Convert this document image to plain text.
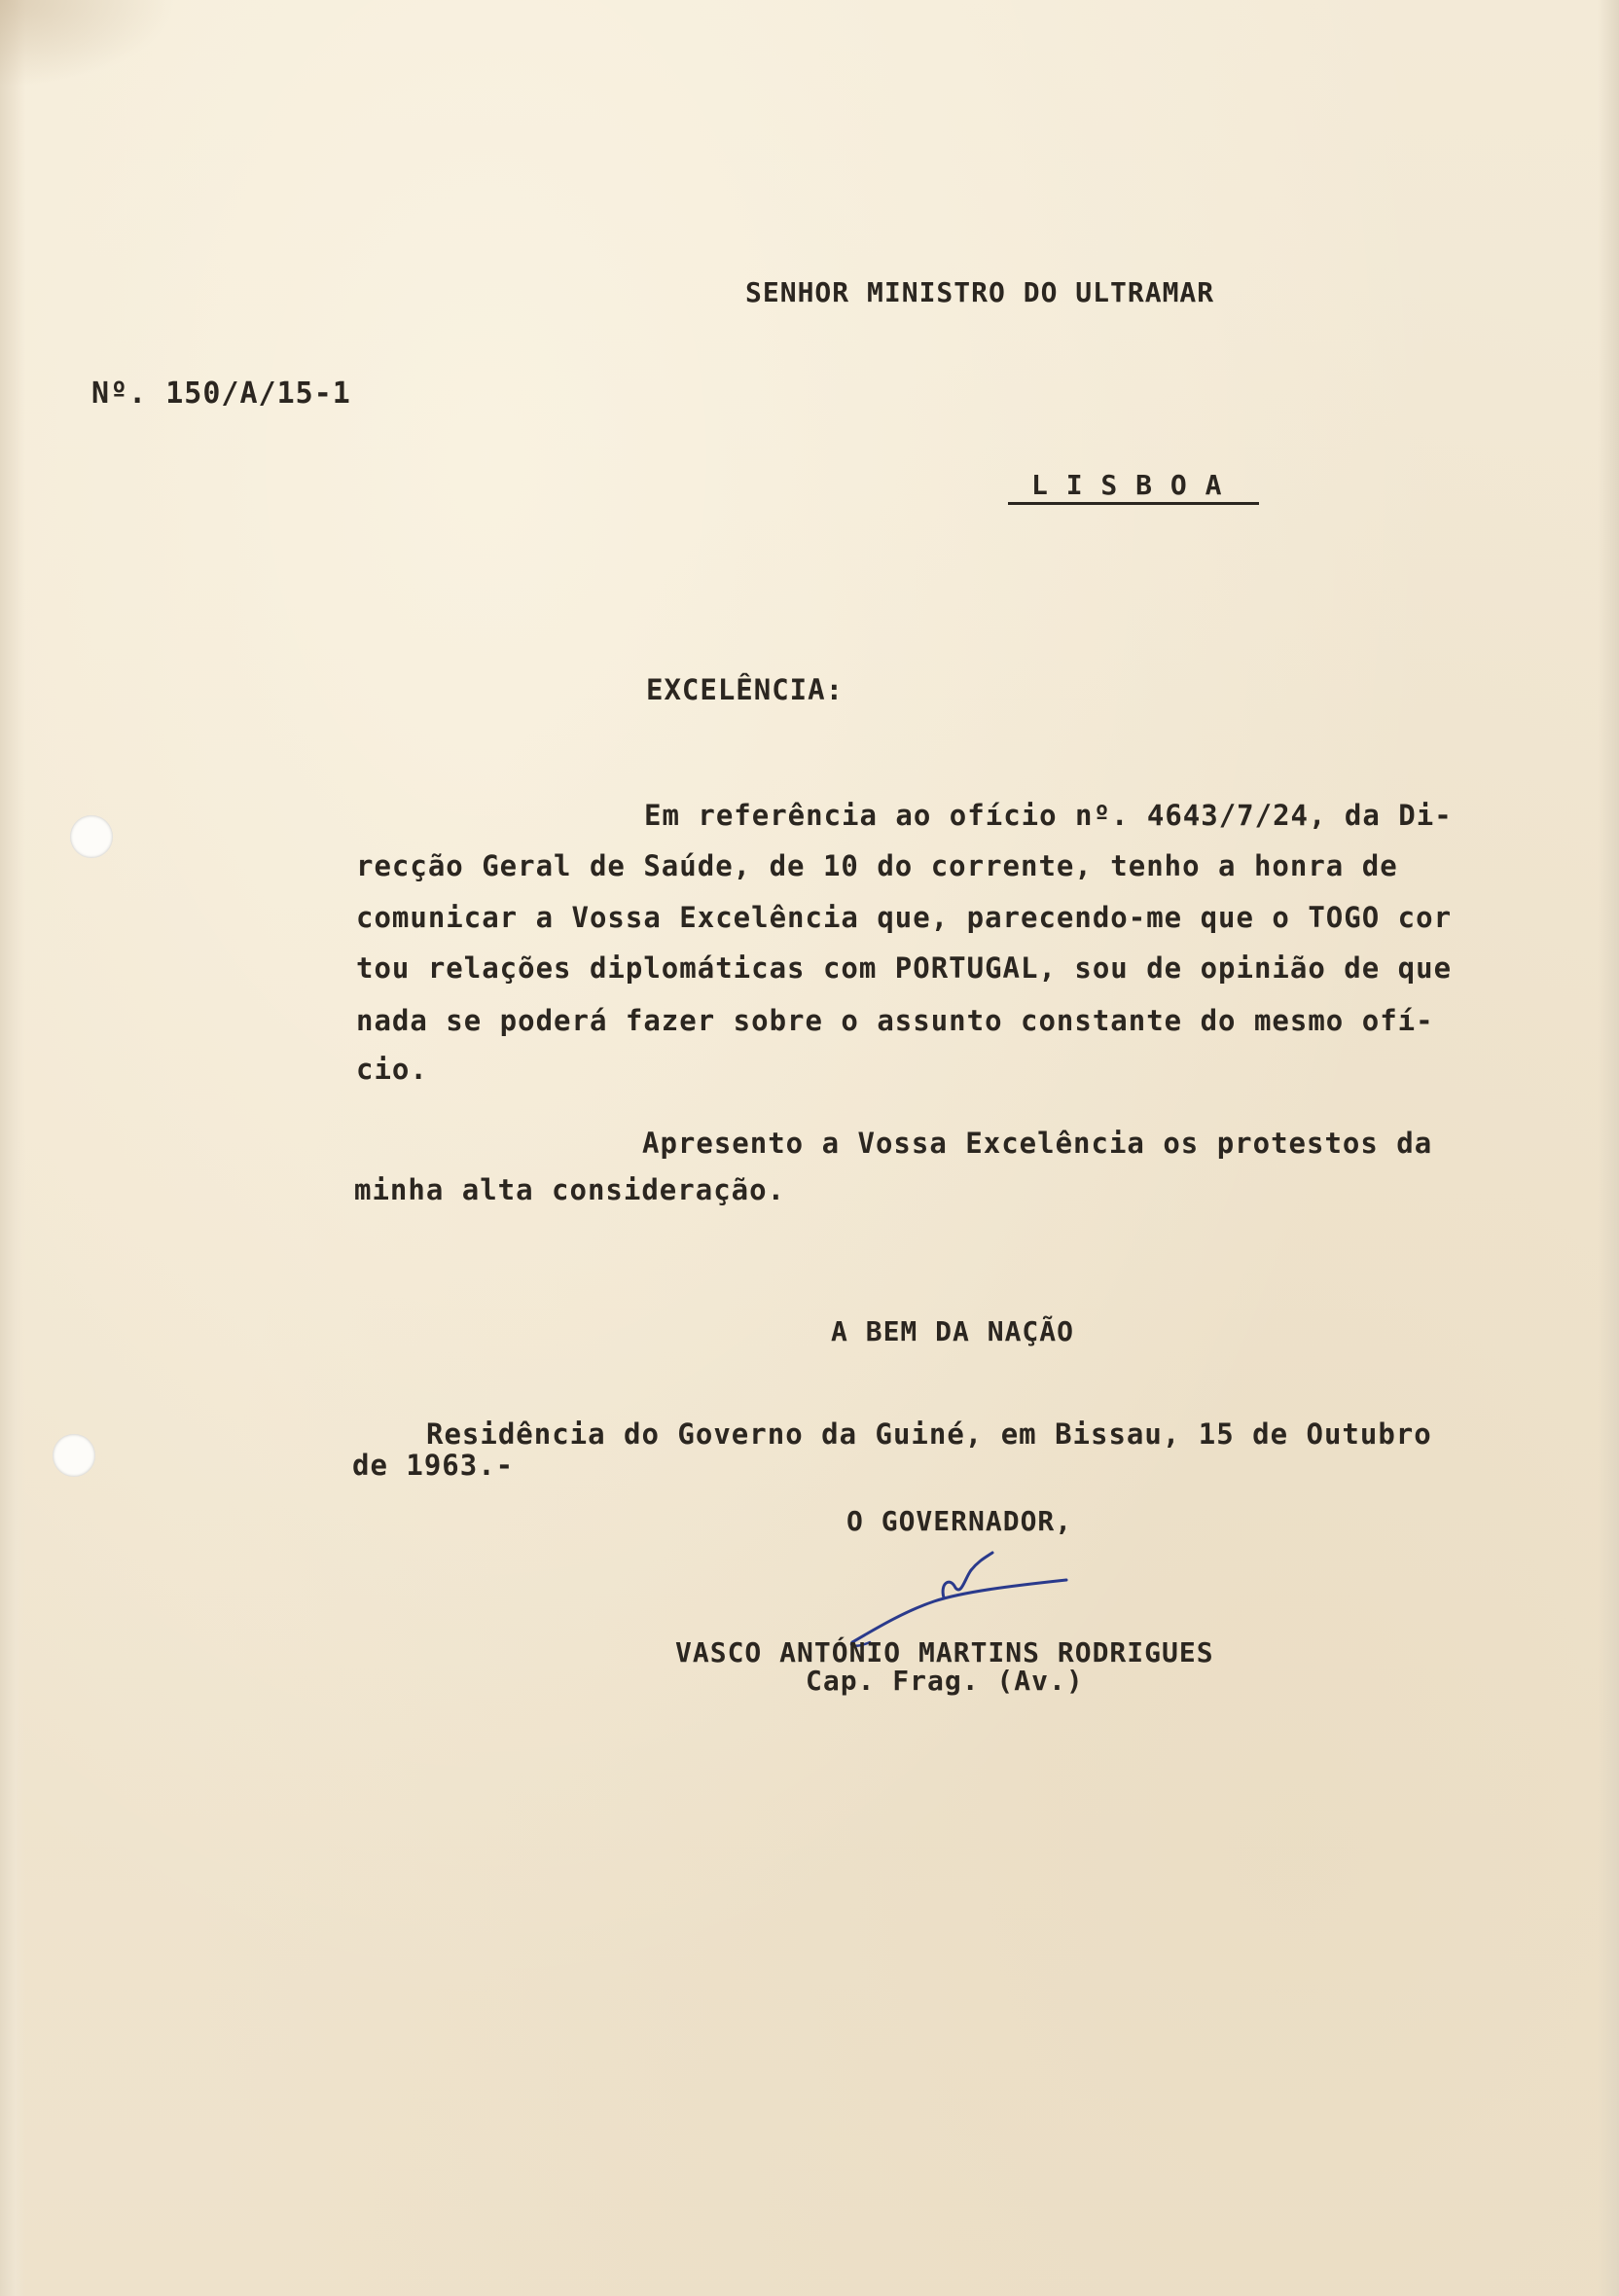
SENHOR MINISTRO DO ULTRAMAR

Nº. 150/A/15-1

L I S B O A

EXCELÊNCIA:

Em referência ao ofício nº. 4643/7/24, da Di-

recção Geral de Saúde, de 10 do corrente, tenho a honra de

comunicar a Vossa Excelência que, parecendo-me que o TOGO cor

tou relações diplomáticas com PORTUGAL, sou de opinião de que

nada se poderá fazer sobre o assunto constante do mesmo ofí-

cio.

Apresento a Vossa Excelência os protestos da

minha alta consideração.

A BEM DA NAÇÃO

Residência do Governo da Guiné, em Bissau, 15 de Outubro

de 1963.-

O GOVERNADOR,

VASCO ANTÓNIO MARTINS RODRIGUES

Cap. Frag. (Av.)
